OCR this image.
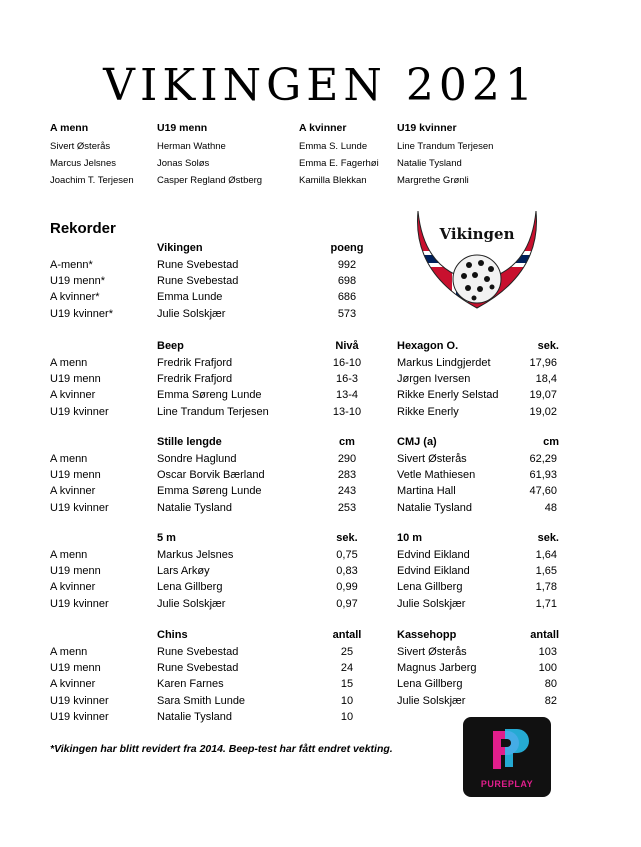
VIKINGEN 2021
A menn
Sivert Østerås
Marcus Jelsnes
Joachim T. Terjesen
U19 menn
Herman Wathne
Jonas Soløs
Casper Regland Østberg
A kvinner
Emma S. Lunde
Emma E. Fagerhøi
Kamilla Blekkan
U19 kvinner
Line Trandum Terjesen
Natalie Tysland
Margrethe Grønli
Rekorder	Vikingen
Vikingen	poeng
A-menn*	Rune Svebestad	992
U19 menn*	Rune Svebestad	698
A kvinner*	Emma Lunde	686
U19 kvinner*	Julie Solskjær	573
Beep	Nivå
A menn	Fredrik Frafjord	16-10
U19 menn	Fredrik Frafjord	16-3
A kvinner	Emma Søreng Lunde	13-4
U19 kvinner	Line Trandum Terjesen	13-10
Stille lengde	cm
A menn	Sondre Haglund	290
U19 menn	Oscar Borvik Bærland	283
A kvinner	Emma Søreng Lunde	243
U19 kvinner	Natalie Tysland	253
5 m	sek.
A menn	Markus Jelsnes	0,75
U19 menn	Lars Arkøy	0,83
A kvinner	Lena Gillberg	0,99
U19 kvinner	Julie Solskjær	0,97
Chins	antall
A menn	Rune Svebestad	25
U19 menn	Rune Svebestad	24
A kvinner	Karen Farnes	15
U19 kvinner	Sara Smith Lunde	10
U19 kvinner	Natalie Tysland	10
Hexagon O.	sek.
Markus Lindgjerdet	17,96
Jørgen Iversen	18,4
Rikke Enerly Selstad	19,07
Rikke Enerly	19,02
CMJ (a)	cm
Sivert Østerås	62,29
Vetle Mathiesen	61,93
Martina Hall	47,60
Natalie Tysland	48
10 m	sek.
Edvind Eikland	1,64
Edvind Eikland	1,65
Lena Gillberg	1,78
Julie Solskjær	1,71
Kassehopp	antall
Sivert Østerås	103
Magnus Jarberg	100
Lena Gillberg	80
Julie Solskjær	82
*Vikingen har blitt revidert fra 2014. Beep-test har fått endret vekting.
PUREPLAY
